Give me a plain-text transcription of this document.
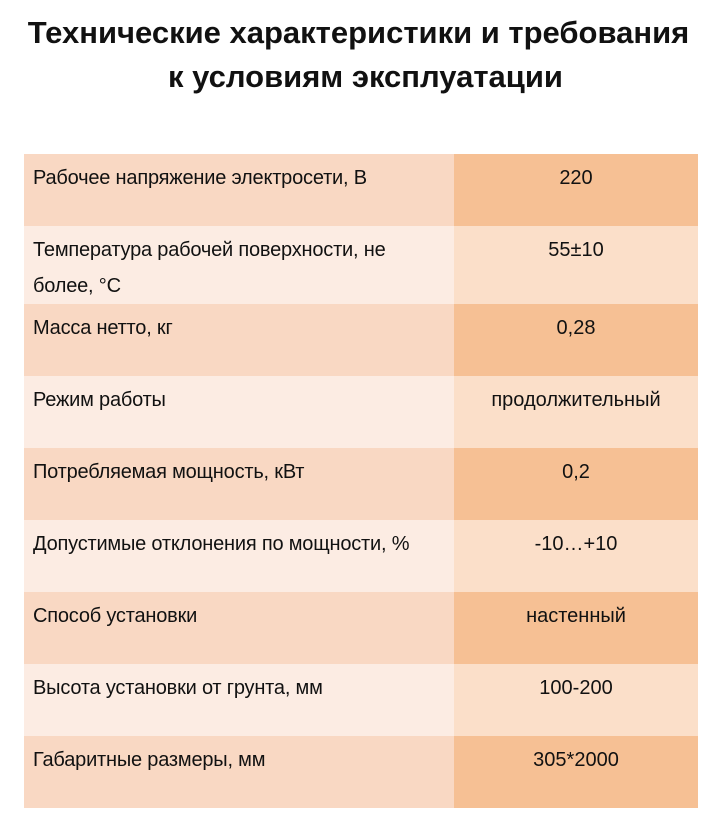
Технические характеристики и требования
к условиям эксплуатации
Рабочее напряжение электросети, В	220
Температура рабочей поверхности, не более, °С	55±10
Масса нетто, кг	0,28
Режим работы	продолжительный
Потребляемая мощность, кВт	0,2
Допустимые отклонения по мощности, %	-10…+10
Способ установки	настенный
Высота установки от грунта, мм	100-200
Габаритные размеры, мм	305*2000
